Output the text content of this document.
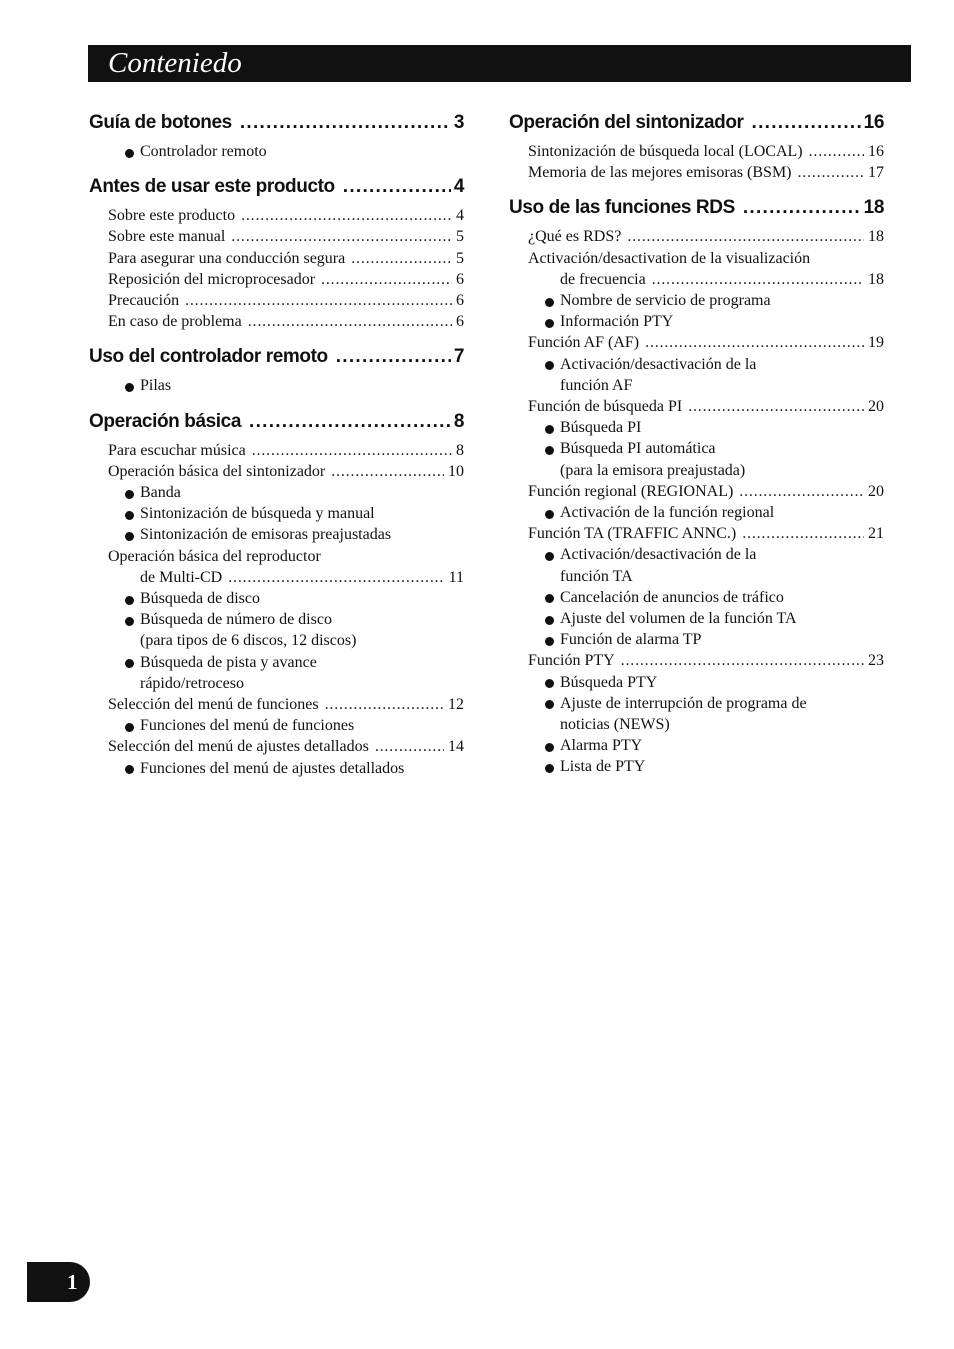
Conteniedo
Guía de botones . . .	3
Controlador remoto
Antes de usar este producto . . .	4
Sobre este producto . . .	4
Sobre este manual . . .	5
Para asegurar una conducción segura . . .	5
Reposición del microprocesador . . .	6
Precaución . . .	6
En caso de problema . . .	6
Uso del controlador remoto . . .	7
Pilas
Operación básica . . .	8
Para escuchar música . . .	8
Operación básica del sintonizador . . .	10
Banda
Sintonización de búsqueda y manual
Sintonización de emisoras preajustadas
Operación básica del reproductor
de Multi-CD . . .	11
Búsqueda de disco
Búsqueda de número de disco
(para tipos de 6 discos, 12 discos)
Búsqueda de pista y avance
rápido/retroceso
Selección del menú de funciones . . .	12
Funciones del menú de funciones
Selección del menú de ajustes detallados . . .	14
Funciones del menú de ajustes detallados
Operación del sintonizador . . .	16
Sintonización de búsqueda local (LOCAL) . . .	16
Memoria de las mejores emisoras (BSM) . . .	17
Uso de las funciones RDS . . .	18
¿Qué es RDS? . . .	18
Activación/desactivation de la visualización
de frecuencia . . .	18
Nombre de servicio de programa
Información PTY
Función AF (AF) . . .	19
Activación/desactivación de la
función AF
Función de búsqueda PI . . .	20
Búsqueda PI
Búsqueda PI automática
(para la emisora preajustada)
Función regional (REGIONAL) . . .	20
Activación de la función regional
Función TA (TRAFFIC ANNC.) . . .	21
Activación/desactivación de la
función TA
Cancelación de anuncios de tráfico
Ajuste del volumen de la función TA
Función de alarma TP
Función PTY . . .	23
Búsqueda PTY
Ajuste de interrupción de programa de
noticias (NEWS)
Alarma PTY
Lista de PTY
1
